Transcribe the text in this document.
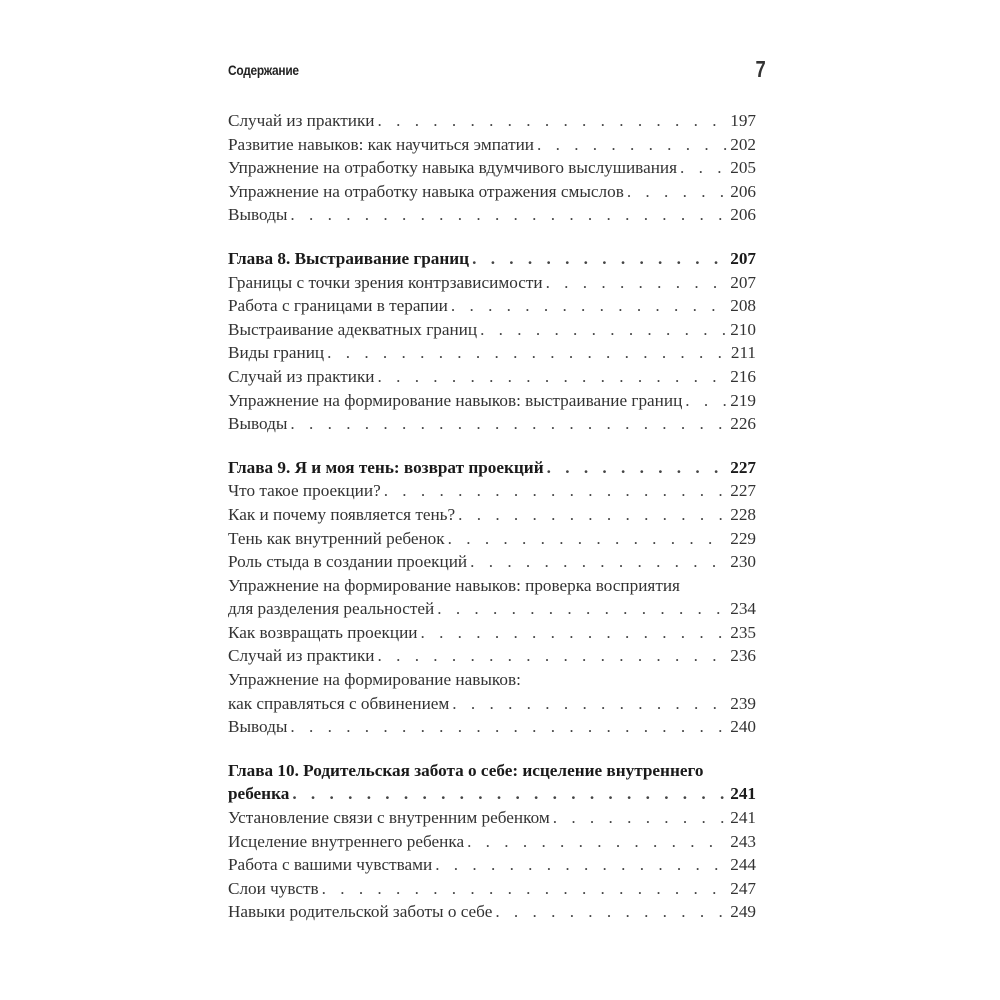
Содержание	7
Случай из практики . . .	197
Развитие навыков: как научиться эмпатии . . .	202
Упражнение на отработку навыка вдумчивого выслушивания . . .	205
Упражнение на отработку навыка отражения смыслов . . .	206
Выводы . . .	206
Глава 8. Выстраивание границ . . .	207
Границы с точки зрения контрзависимости . . .	207
Работа с границами в терапии . . .	208
Выстраивание адекватных границ . . .	210
Виды границ . . .	211
Случай из практики . . .	216
Упражнение на формирование навыков: выстраивание границ . . .	219
Выводы . . .	226
Глава 9. Я и моя тень: возврат проекций . . .	227
Что такое проекции? . . .	227
Как и почему появляется тень? . . .	228
Тень как внутренний ребенок . . .	229
Роль стыда в создании проекций . . .	230
Упражнение на формирование навыков: проверка восприятия
для разделения реальностей . . .	234
Как возвращать проекции . . .	235
Случай из практики . . .	236
Упражнение на формирование навыков:
как справляться с обвинением . . .	239
Выводы . . .	240
Глава 10. Родительская забота о себе: исцеление внутреннего
ребенка . . .	241
Установление связи с внутренним ребенком . . .	241
Исцеление внутреннего ребенка . . .	243
Работа с вашими чувствами . . .	244
Слои чувств . . .	247
Навыки родительской заботы о себе . . .	249
